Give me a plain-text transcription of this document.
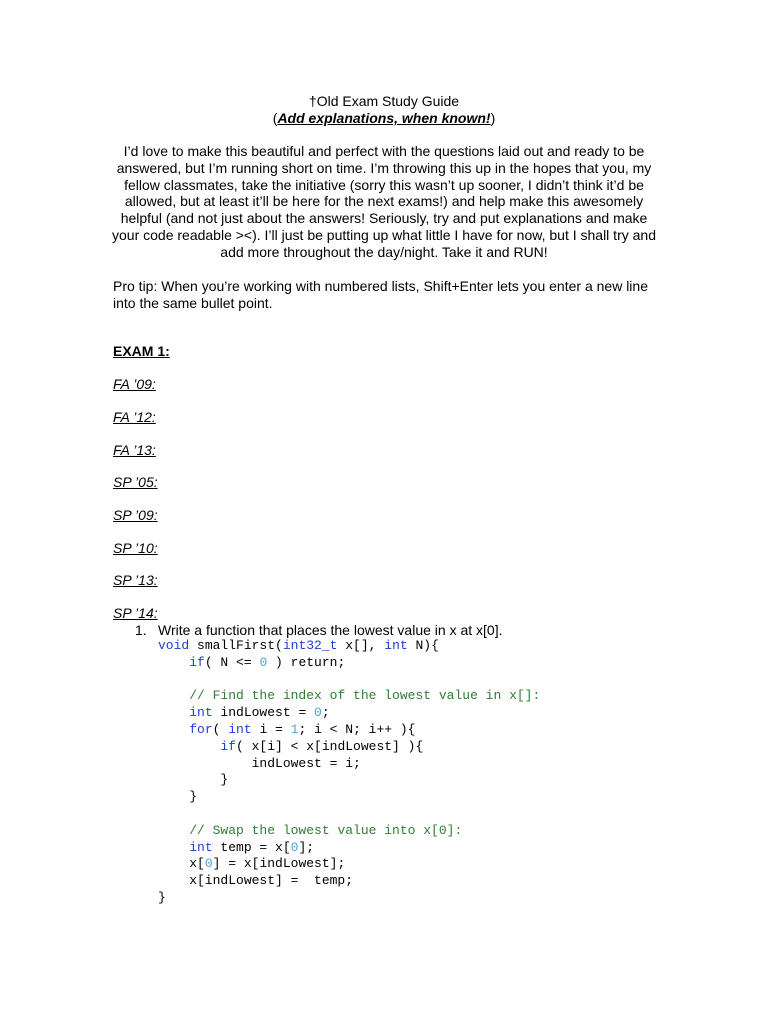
†Old Exam Study Guide
(Add explanations, when known!)
I’d love to make this beautiful and perfect with the questions laid out and ready to be answered, but I’m running short on time. I’m throwing this up in the hopes that you, my fellow classmates, take the initiative (sorry this wasn’t up sooner, I didn’t think it’d be allowed, but at least it’ll be here for the next exams!) and help make this awesomely helpful (and not just about the answers! Seriously, try and put explanations and make your code readable ><). I’ll just be putting up what little I have for now, but I shall try and add more throughout the day/night. Take it and RUN!
Pro tip: When you’re working with numbered lists, Shift+Enter lets you enter a new line into the same bullet point.
EXAM 1:
FA ’09:
FA ’12:
FA ’13:
SP ’05:
SP ’09:
SP ’10:
SP ’13:
SP ’14:
1. Write a function that places the lowest value in x at x[0].
void smallFirst(int32_t x[], int N){
if( N <= 0 ) return;

// Find the index of the lowest value in x[]:
int indLowest = 0;
for( int i = 1; i < N; i++ ){
if( x[i] < x[indLowest] ){
indLowest = i;
}
}

// Swap the lowest value into x[0]:
int temp = x[0];
x[0] = x[indLowest];
x[indLowest] =  temp;
}
